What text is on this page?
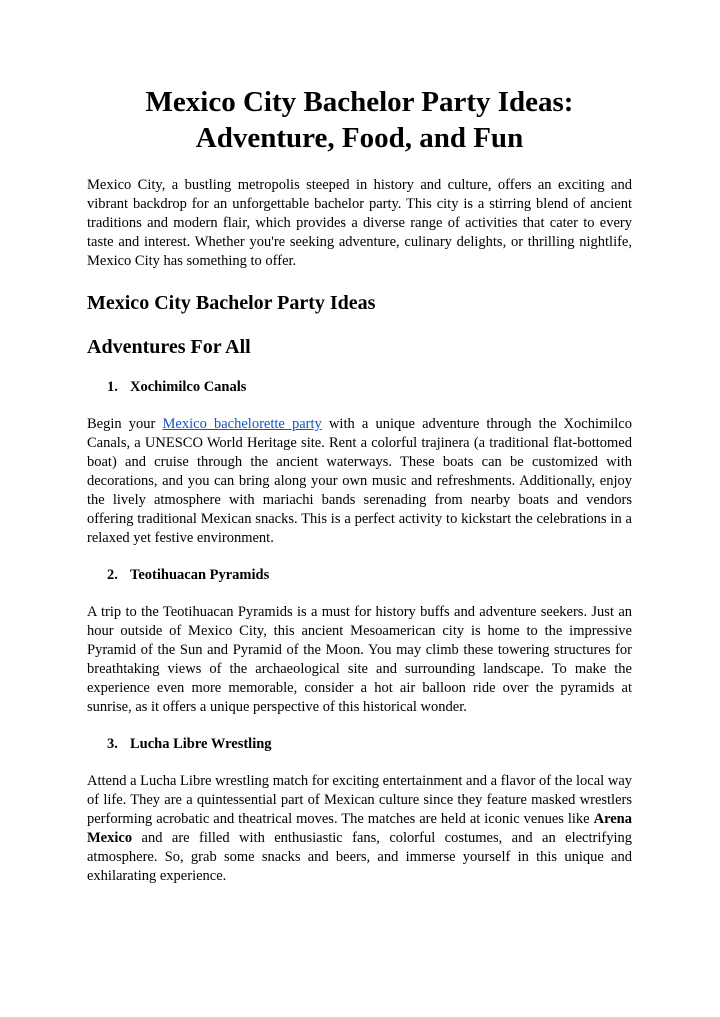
Mexico City Bachelor Party Ideas:
Adventure, Food, and Fun

Mexico City, a bustling metropolis steeped in history and culture, offers an exciting and vibrant backdrop for an unforgettable bachelor party. This city is a stirring blend of ancient traditions and modern flair, which provides a diverse range of activities that cater to every taste and interest. Whether you're seeking adventure, culinary delights, or thrilling nightlife, Mexico City has something to offer.

Mexico City Bachelor Party Ideas
Adventures For All
1. Xochimilco Canals

Begin your Mexico bachelorette party with a unique adventure through the Xochimilco Canals, a UNESCO World Heritage site. Rent a colorful trajinera (a traditional flat-bottomed boat) and cruise through the ancient waterways. These boats can be customized with decorations, and you can bring along your own music and refreshments. Additionally, enjoy the lively atmosphere with mariachi bands serenading from nearby boats and vendors offering traditional Mexican snacks. This is a perfect activity to kickstart the celebrations in a relaxed yet festive environment.

2. Teotihuacan Pyramids

A trip to the Teotihuacan Pyramids is a must for history buffs and adventure seekers. Just an hour outside of Mexico City, this ancient Mesoamerican city is home to the impressive Pyramid of the Sun and Pyramid of the Moon. You may climb these towering structures for breathtaking views of the archaeological site and surrounding landscape. To make the experience even more memorable, consider a hot air balloon ride over the pyramids at sunrise, as it offers a unique perspective of this historical wonder.

3. Lucha Libre Wrestling

Attend a Lucha Libre wrestling match for exciting entertainment and a flavor of the local way of life. They are a quintessential part of Mexican culture since they feature masked wrestlers performing acrobatic and theatrical moves. The matches are held at iconic venues like Arena Mexico and are filled with enthusiastic fans, colorful costumes, and an electrifying atmosphere. So, grab some snacks and beers, and immerse yourself in this unique and exhilarating experience.
